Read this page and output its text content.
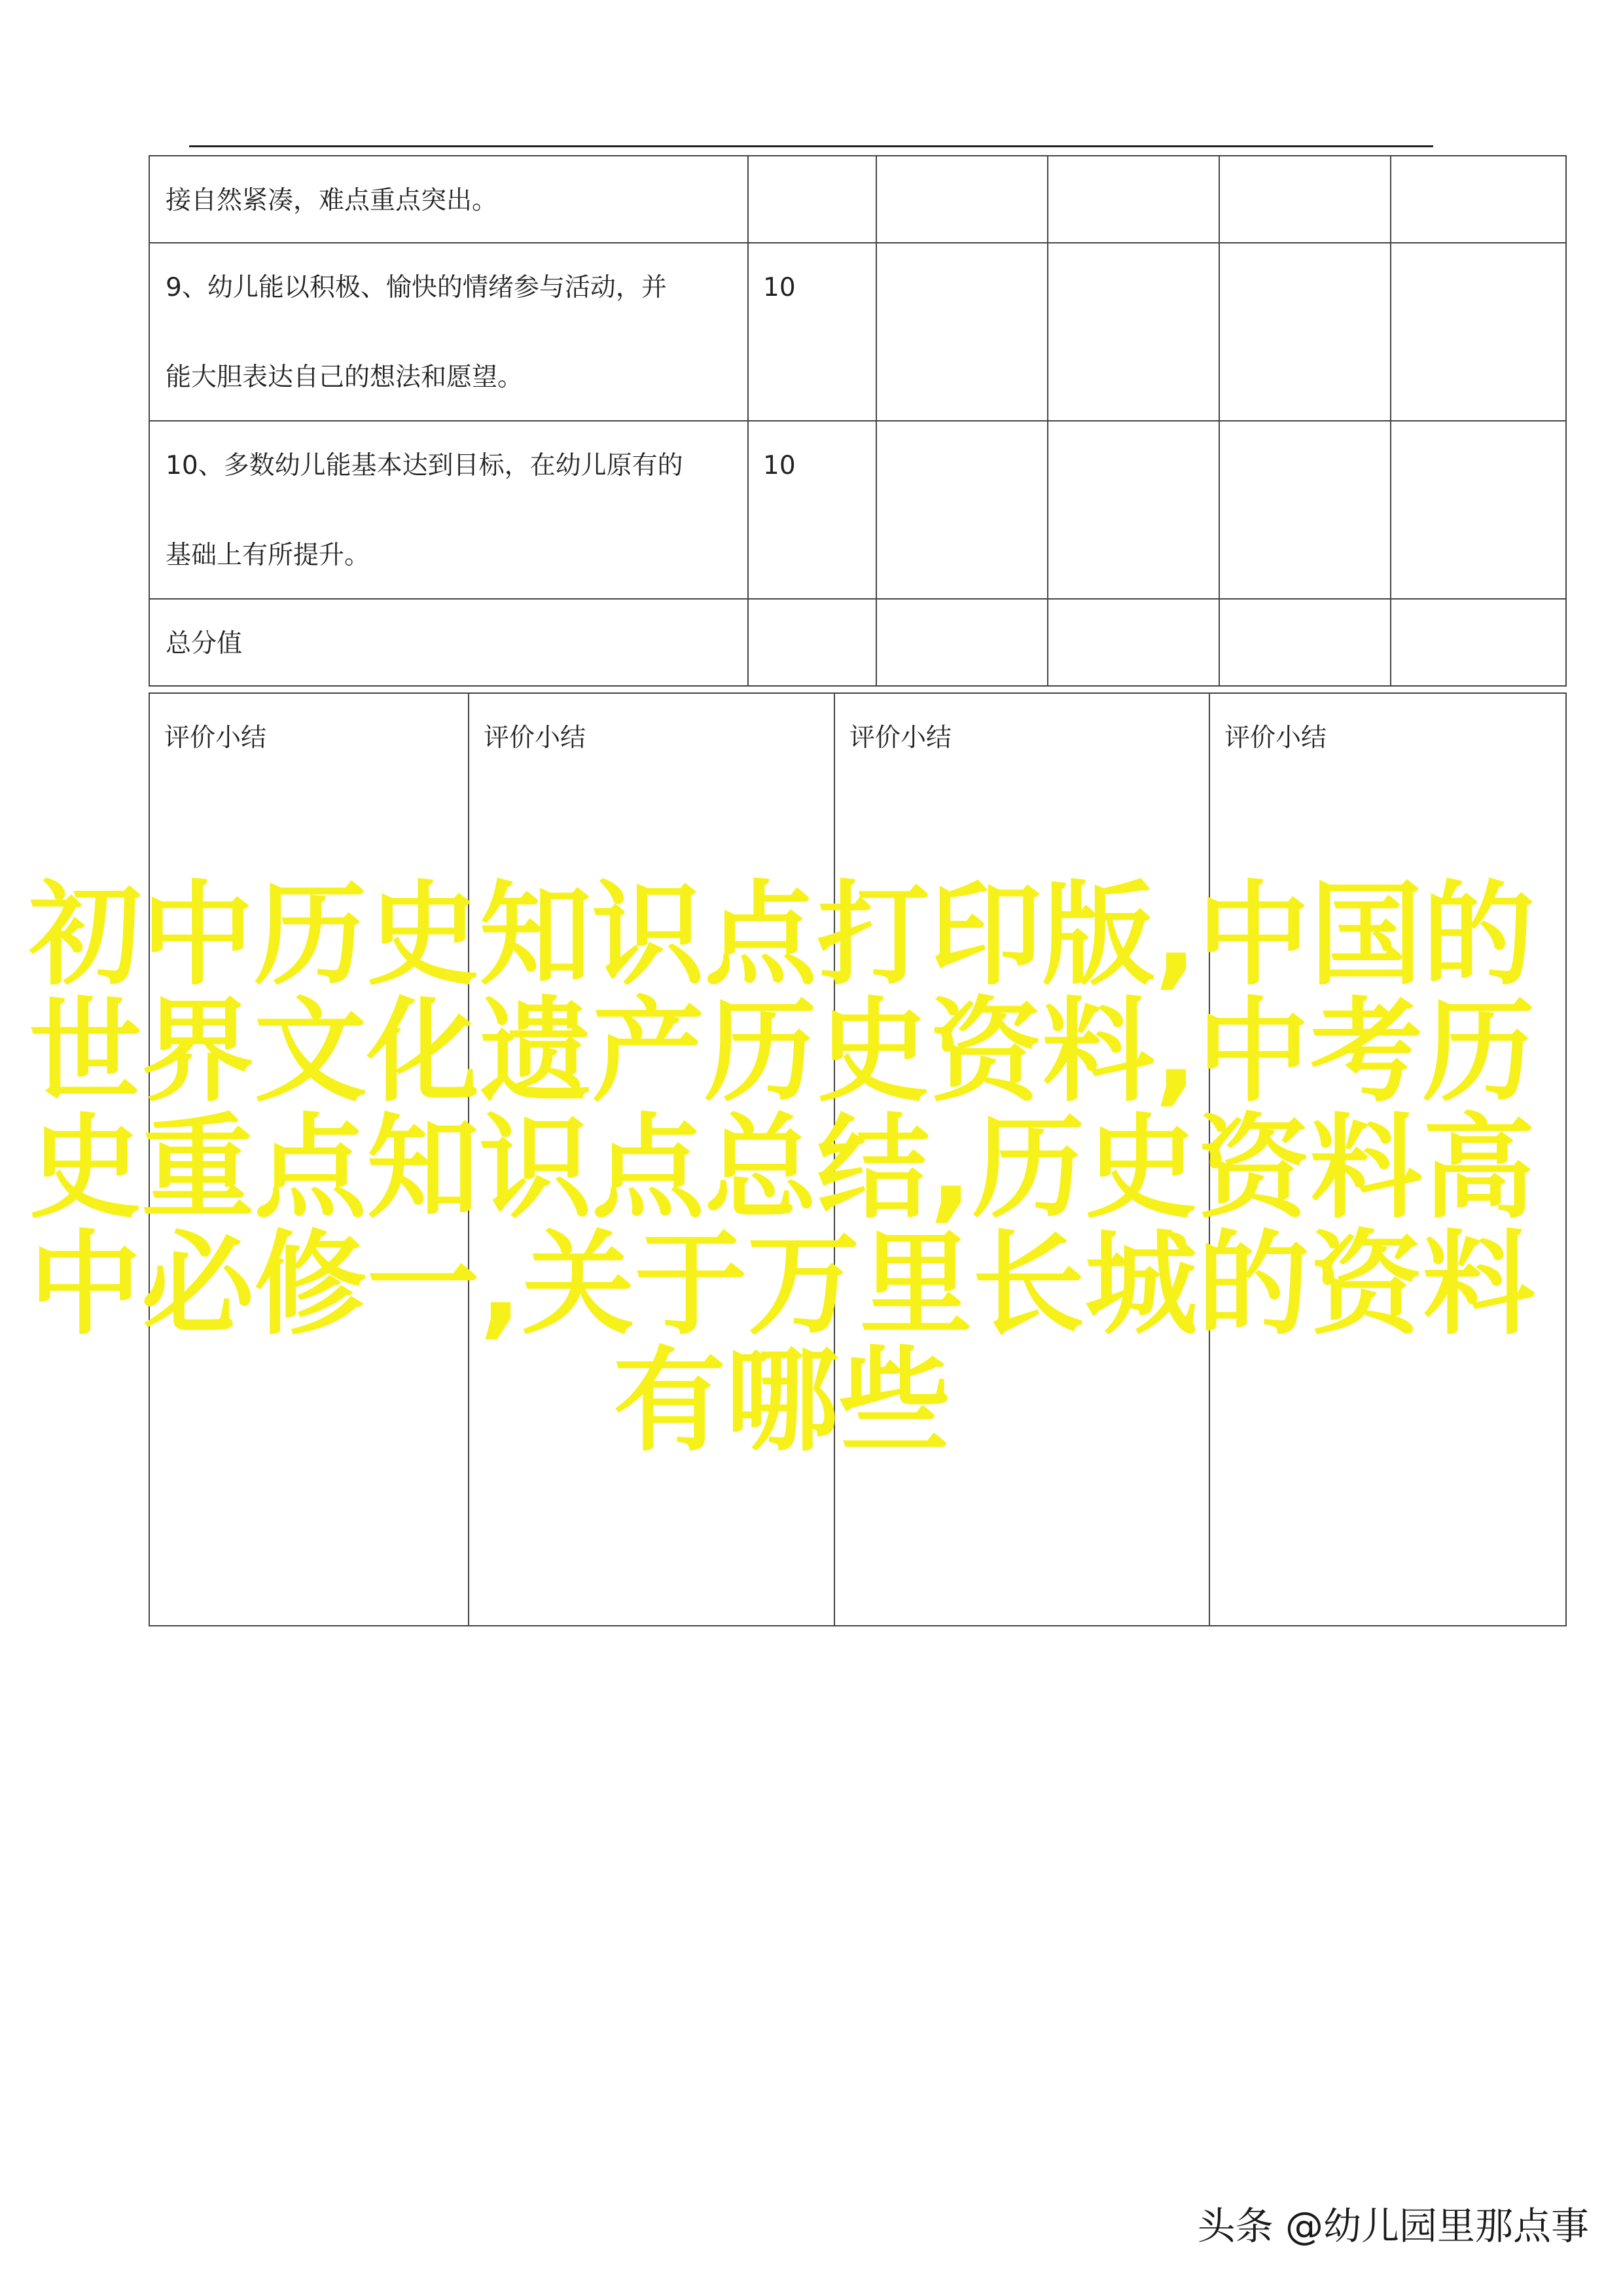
接自然紧凑，难点重点突出。					

9、幼儿能以积极、愉快的情绪参与活动，并
能大胆表达自己的想法和愿望。	10				

10、多数幼儿能基本达到目标，在幼儿原有的
基础上有所提升。	10				

总分值					

评价小结	评价小结	评价小结	评价小结
初中历史知识点打印版,中国的世界文化遗产历史资料,中考历史重点知识点总结,历史资料高中必修一,关于万里长城的资料有哪些
头条 @幼儿园里那点事
